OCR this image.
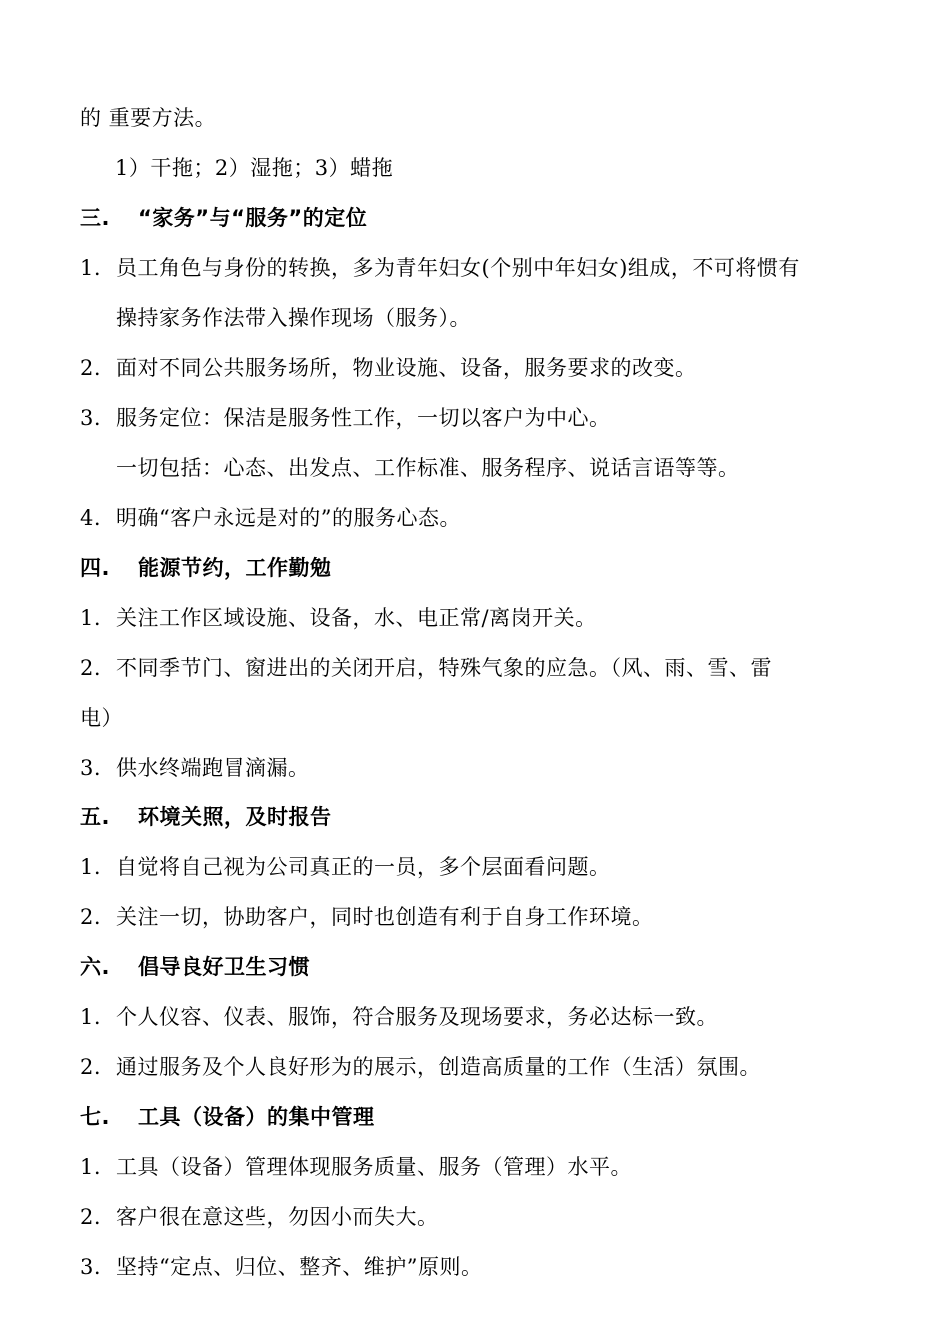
的 重要方法。
1）干拖；2）湿拖；3）蜡拖
三. “家务”与“服务”的定位
1. 员工角色与身份的转换，多为青年妇女(个别中年妇女)组成，不可将惯有
操持家务作法带入操作现场（服务）。
2. 面对不同公共服务场所，物业设施、设备，服务要求的改变。
3. 服务定位：保洁是服务性工作，一切以客户为中心。
一切包括：心态、出发点、工作标准、服务程序、说话言语等等。
4. 明确“客户永远是对的”的服务心态。
四. 能源节约，工作勤勉
1. 关注工作区域设施、设备，水、电正常/离岗开关。
2. 不同季节门、窗进出的关闭开启，特殊气象的应急。（风、雨、雪、雷
电）
3. 供水终端跑冒滴漏。
五. 环境关照，及时报告
1. 自觉将自己视为公司真正的一员，多个层面看问题。
2. 关注一切，协助客户，同时也创造有利于自身工作环境。
六. 倡导良好卫生习惯
1. 个人仪容、仪表、服饰，符合服务及现场要求，务必达标一致。
2. 通过服务及个人良好形为的展示，创造高质量的工作（生活）氛围。
七. 工具（设备）的集中管理
1. 工具（设备）管理体现服务质量、服务（管理）水平。
2. 客户很在意这些，勿因小而失大。
3. 坚持“定点、归位、整齐、维护”原则。
